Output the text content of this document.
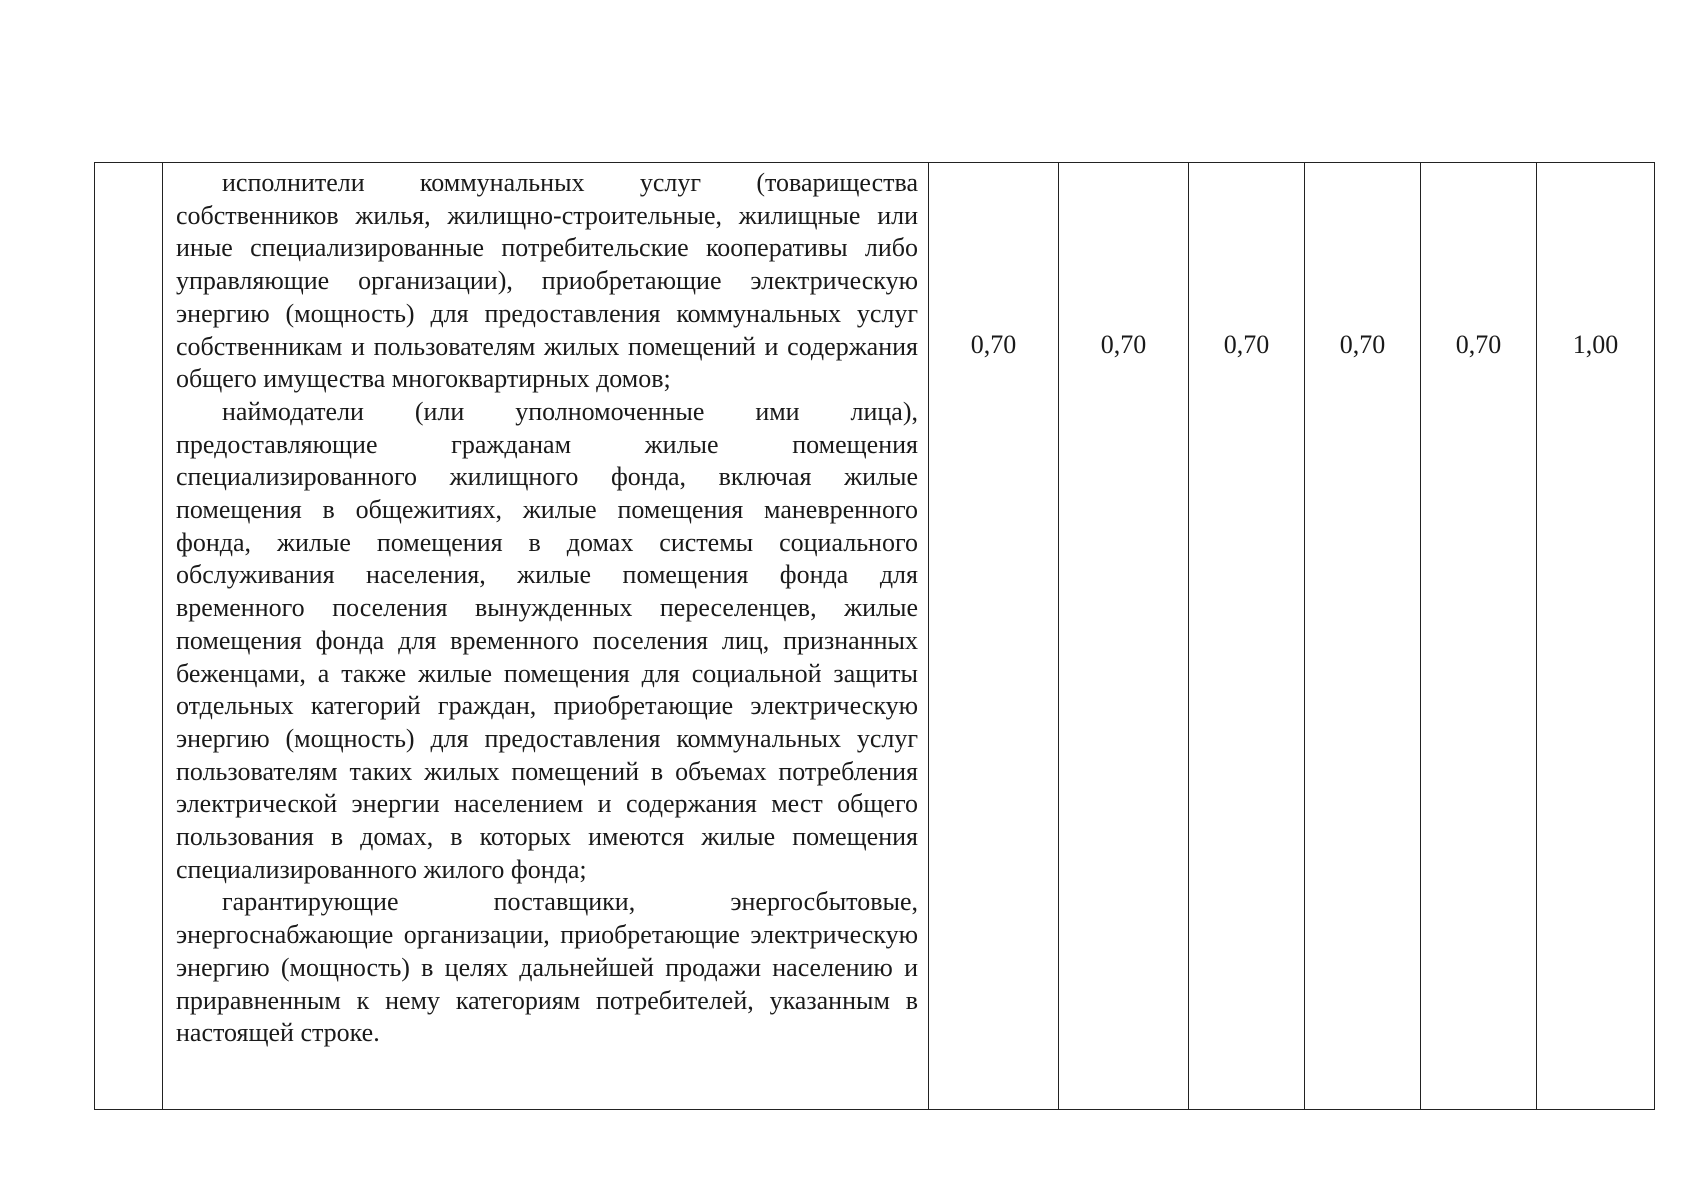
исполнители коммунальных услуг (товарищества собственников жилья, жилищно-строительные, жилищные или иные специализированные потребительские кооперативы либо управляющие организации), приобретающие электрическую энергию (мощность) для предоставления коммунальных услуг собственникам и пользователям жилых помещений и содержания общего имущества многоквартирных домов;

наймодатели (или уполномоченные ими лица), предоставляющие гражданам жилые помещения специализированного жилищного фонда, включая жилые помещения в общежитиях, жилые помещения маневренного фонда, жилые помещения в домах системы социального обслуживания населения, жилые помещения фонда для временного поселения вынужденных переселенцев, жилые помещения фонда для временного поселения лиц, признанных беженцами, а также жилые помещения для социальной защиты отдельных категорий граждан, приобретающие электрическую энергию (мощность) для предоставления коммунальных услуг пользователям таких жилых помещений в объемах потребления электрической энергии населением и содержания мест общего пользования в домах, в которых имеются жилые помещения специализированного жилого фонда;

гарантирующие поставщики, энергосбытовые, энергоснабжающие организации, приобретающие электрическую энергию (мощность) в целях дальнейшей продажи населению и приравненным к нему категориям потребителей, указанным в настоящей строке.

0,70	0,70	0,70	0,70	0,70	1,00
